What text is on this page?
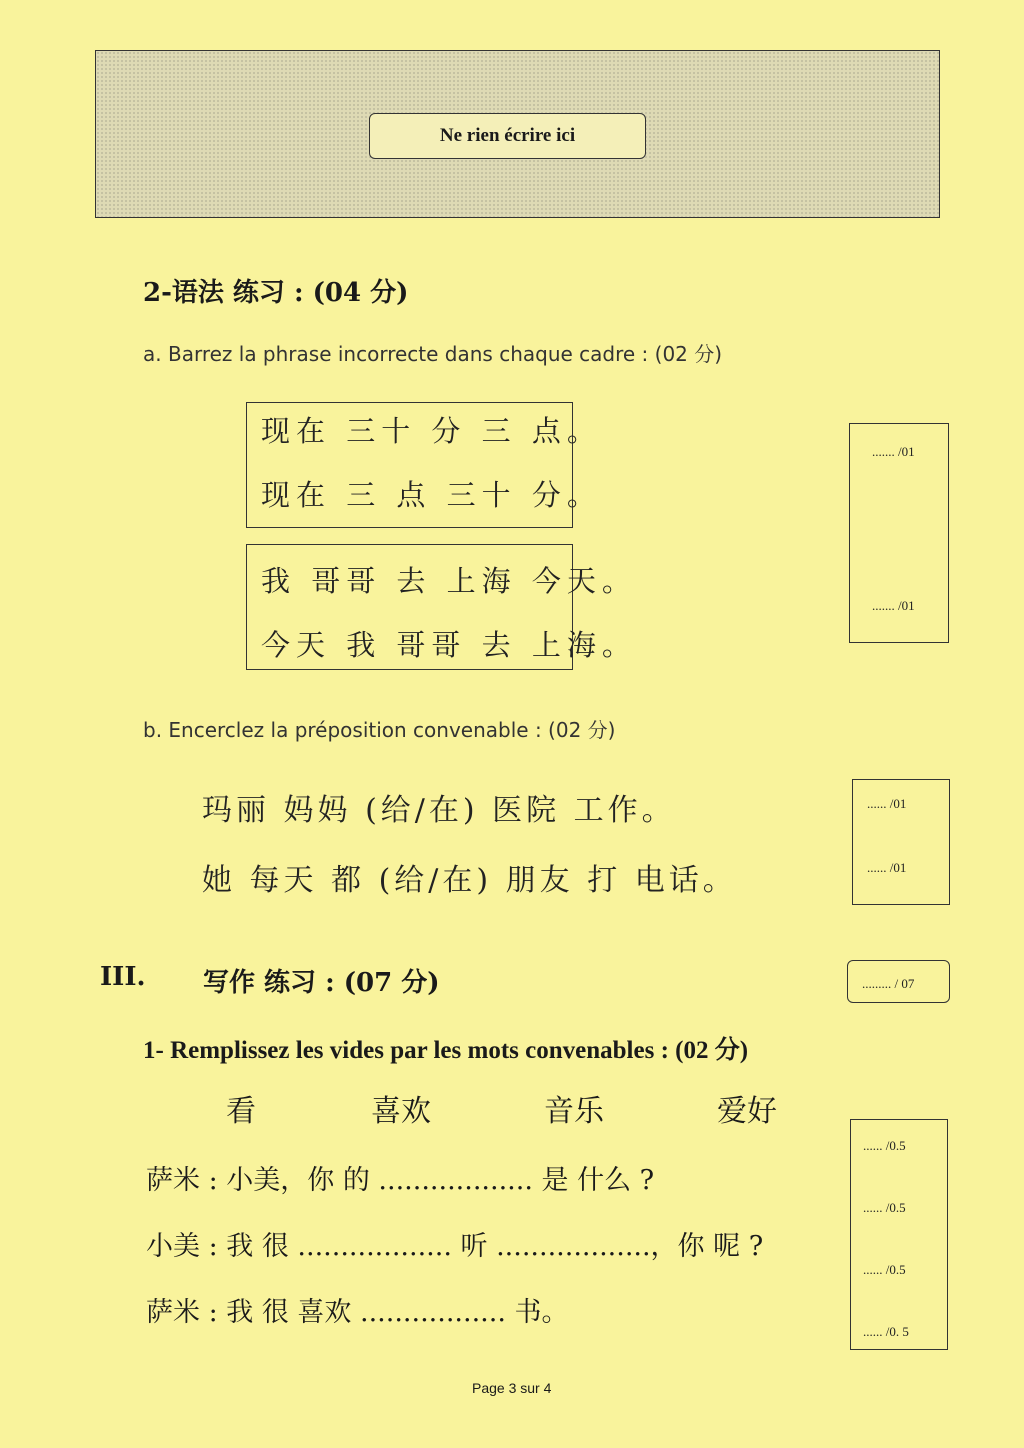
Ne rien écrire ici
2-语法 练习 : (04 分)
a. Barrez la phrase incorrecte dans chaque cadre : (02 分)
现在 三十 分 三 点。
现在 三 点 三十 分。
我 哥哥 去 上海 今天。
今天 我 哥哥 去 上海。
....... /01
....... /01
b. Encerclez la préposition convenable : (02 分)
玛丽 妈妈 (给/在) 医院 工作。
她 每天 都 (给/在) 朋友 打 电话。
...... /01
...... /01
III. 写作 练习 : (07 分)	......... / 07
1- Remplissez les vides par les mots convenables : (02 分)
看	喜欢	音乐	爱好
萨米 : 小美，你 的 .................. 是 什么 ?
小美 : 我 很 .................. 听 ..................，你 呢 ?
萨米 : 我 很 喜欢 ................. 书。
...... /0.5
...... /0.5
...... /0.5
...... /0. 5
Page 3 sur 4
